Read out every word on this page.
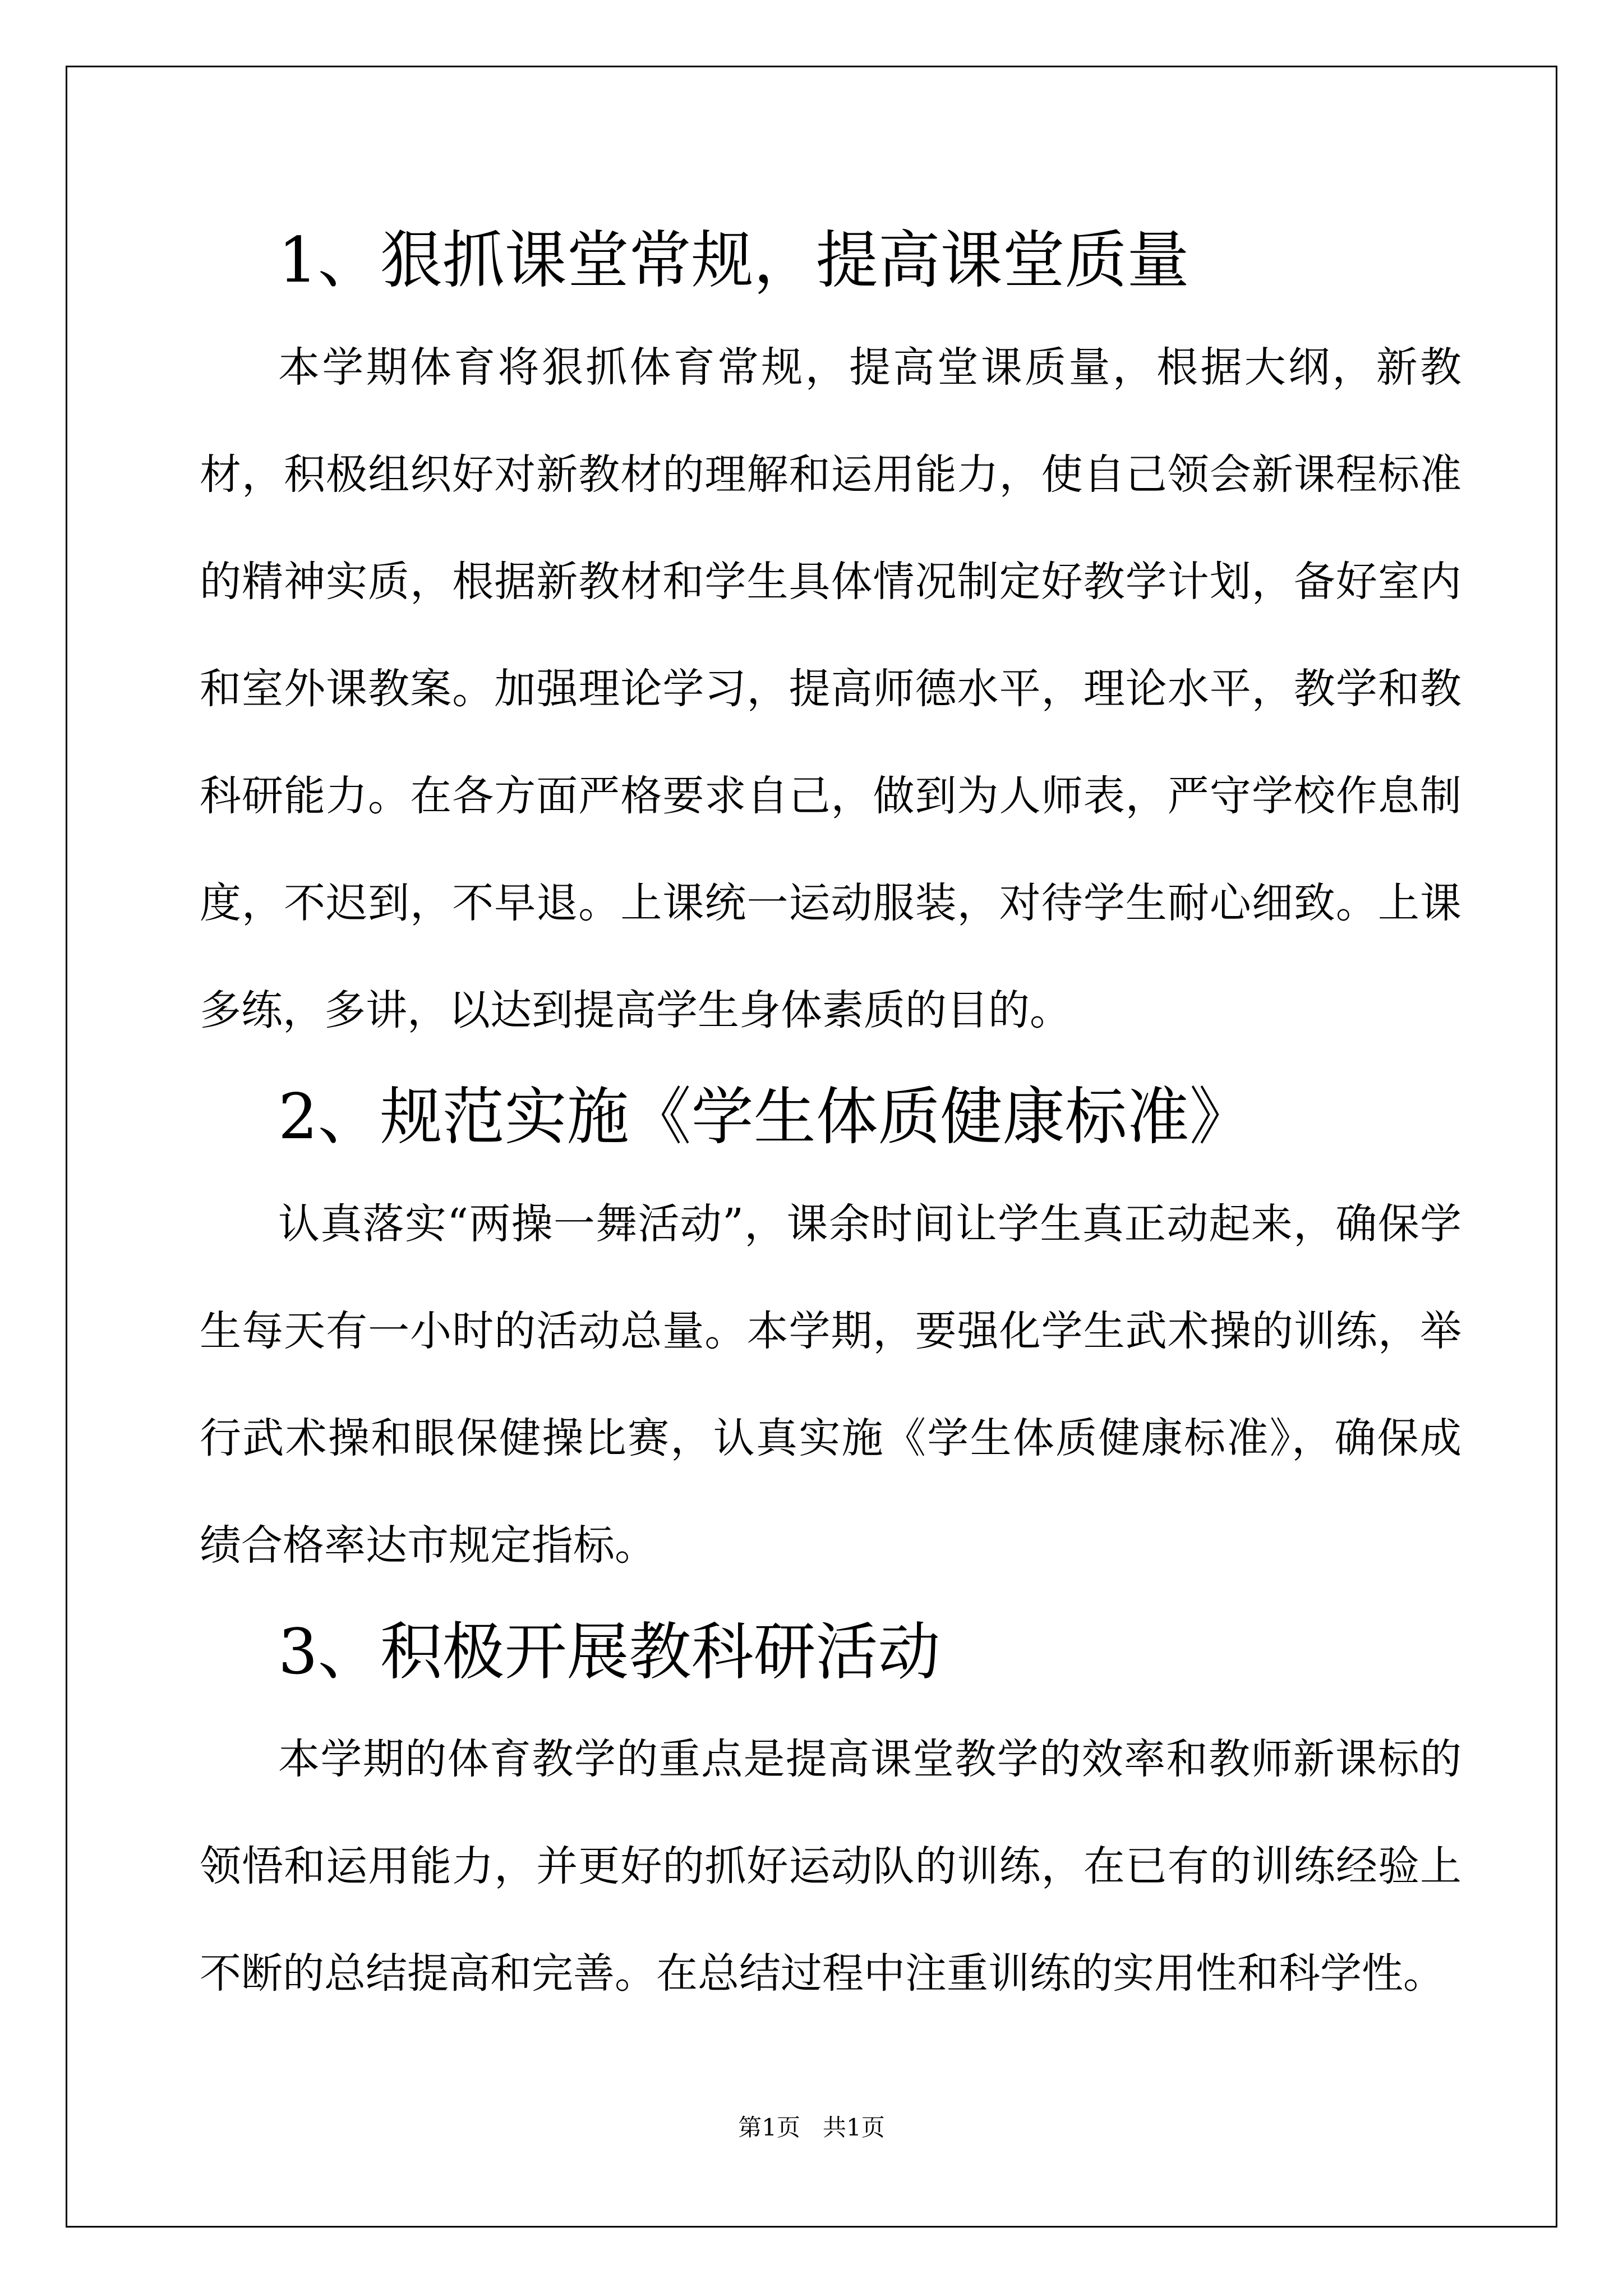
1、狠抓课堂常规，提高课堂质量

本学期体育将狠抓体育常规，提高堂课质量，根据大纲，新教材，积极组织好对新教材的理解和运用能力，使自己领会新课程标准的精神实质，根据新教材和学生具体情况制定好教学计划，备好室内和室外课教案。加强理论学习，提高师德水平，理论水平，教学和教科研能力。在各方面严格要求自己，做到为人师表，严守学校作息制度，不迟到，不早退。上课统一运动服装，对待学生耐心细致。上课多练，多讲，以达到提高学生身体素质的目的。

2、规范实施《学生体质健康标准》

认真落实“两操一舞活动”，课余时间让学生真正动起来，确保学生每天有一小时的活动总量。本学期，要强化学生武术操的训练，举行武术操和眼保健操比赛，认真实施《学生体质健康标准》，确保成绩合格率达市规定指标。

3、积极开展教科研活动

本学期的体育教学的重点是提高课堂教学的效率和教师新课标的领悟和运用能力，并更好的抓好运动队的训练，在已有的训练经验上不断的总结提高和完善。在总结过程中注重训练的实用性和科学性。

第1页   共1页
